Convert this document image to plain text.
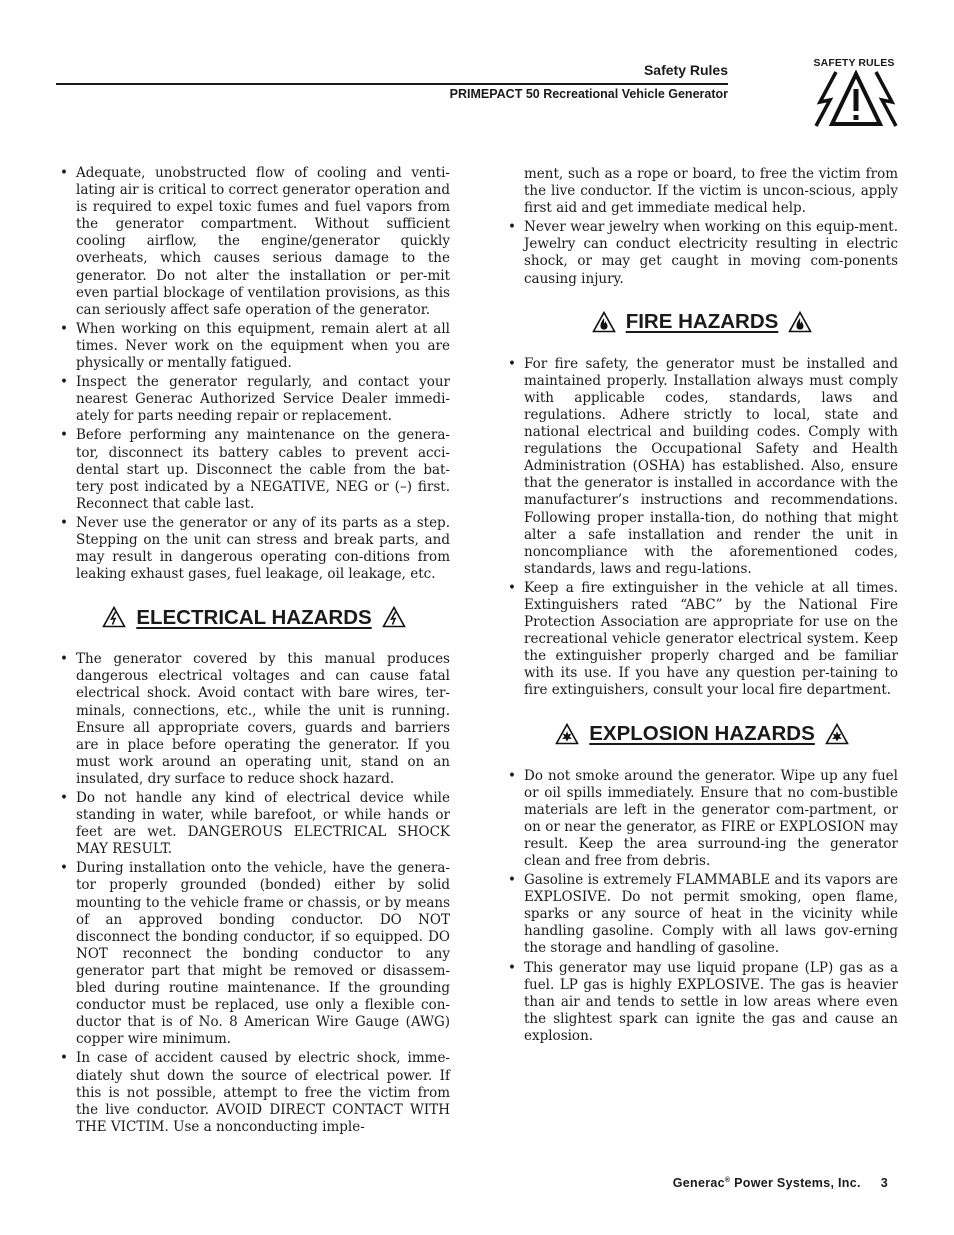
Safety Rules
PRIMEPACT 50 Recreational Vehicle Generator
SAFETY RULES
• Adequate, unobstructed flow of cooling and venti-lating air is critical to correct generator operation and is required to expel toxic fumes and fuel vapors from the generator compartment. Without sufficient cooling airflow, the engine/generator quickly overheats, which causes serious damage to the generator. Do not alter the installation or per-mit even partial blockage of ventilation provisions, as this can seriously affect safe operation of the generator.
• When working on this equipment, remain alert at all times. Never work on the equipment when you are physically or mentally fatigued.
• Inspect the generator regularly, and contact your nearest Generac Authorized Service Dealer immedi-ately for parts needing repair or replacement.
• Before performing any maintenance on the genera-tor, disconnect its battery cables to prevent acci-dental start up. Disconnect the cable from the bat-tery post indicated by a NEGATIVE, NEG or (–) first. Reconnect that cable last.
• Never use the generator or any of its parts as a step. Stepping on the unit can stress and break parts, and may result in dangerous operating con-ditions from leaking exhaust gases, fuel leakage, oil leakage, etc.
ELECTRICAL HAZARDS
• The generator covered by this manual produces dangerous electrical voltages and can cause fatal electrical shock. Avoid contact with bare wires, ter-minals, connections, etc., while the unit is running. Ensure all appropriate covers, guards and barriers are in place before operating the generator. If you must work around an operating unit, stand on an insulated, dry surface to reduce shock hazard.
• Do not handle any kind of electrical device while standing in water, while barefoot, or while hands or feet are wet. DANGEROUS ELECTRICAL SHOCK MAY RESULT.
• During installation onto the vehicle, have the genera-tor properly grounded (bonded) either by solid mounting to the vehicle frame or chassis, or by means of an approved bonding conductor. DO NOT disconnect the bonding conductor, if so equipped. DO NOT reconnect the bonding conductor to any generator part that might be removed or disassem-bled during routine maintenance. If the grounding conductor must be replaced, use only a flexible con-ductor that is of No. 8 American Wire Gauge (AWG) copper wire minimum.
• In case of accident caused by electric shock, imme-diately shut down the source of electrical power. If this is not possible, attempt to free the victim from the live conductor. AVOID DIRECT CONTACT WITH THE VICTIM. Use a nonconducting imple-
ment, such as a rope or board, to free the victim from the live conductor. If the victim is uncon-scious, apply first aid and get immediate medical help.
• Never wear jewelry when working on this equip-ment. Jewelry can conduct electricity resulting in electric shock, or may get caught in moving com-ponents causing injury.
FIRE HAZARDS
• For fire safety, the generator must be installed and maintained properly. Installation always must comply with applicable codes, standards, laws and regulations. Adhere strictly to local, state and national electrical and building codes. Comply with regulations the Occupational Safety and Health Administration (OSHA) has established. Also, ensure that the generator is installed in accordance with the manufacturer’s instructions and recommendations. Following proper installa-tion, do nothing that might alter a safe installation and render the unit in noncompliance with the aforementioned codes, standards, laws and regu-lations.
• Keep a fire extinguisher in the vehicle at all times. Extinguishers rated “ABC” by the National Fire Protection Association are appropriate for use on the recreational vehicle generator electrical system. Keep the extinguisher properly charged and be familiar with its use. If you have any question per-taining to fire extinguishers, consult your local fire department.
EXPLOSION HAZARDS
• Do not smoke around the generator. Wipe up any fuel or oil spills immediately. Ensure that no com-bustible materials are left in the generator com-partment, or on or near the generator, as FIRE or EXPLOSION may result. Keep the area surround-ing the generator clean and free from debris.
• Gasoline is extremely FLAMMABLE and its vapors are EXPLOSIVE. Do not permit smoking, open flame, sparks or any source of heat in the vicinity while handling gasoline. Comply with all laws gov-erning the storage and handling of gasoline.
• This generator may use liquid propane (LP) gas as a fuel. LP gas is highly EXPLOSIVE. The gas is heavier than air and tends to settle in low areas where even the slightest spark can ignite the gas and cause an explosion.
Generac® Power Systems, Inc. 3
